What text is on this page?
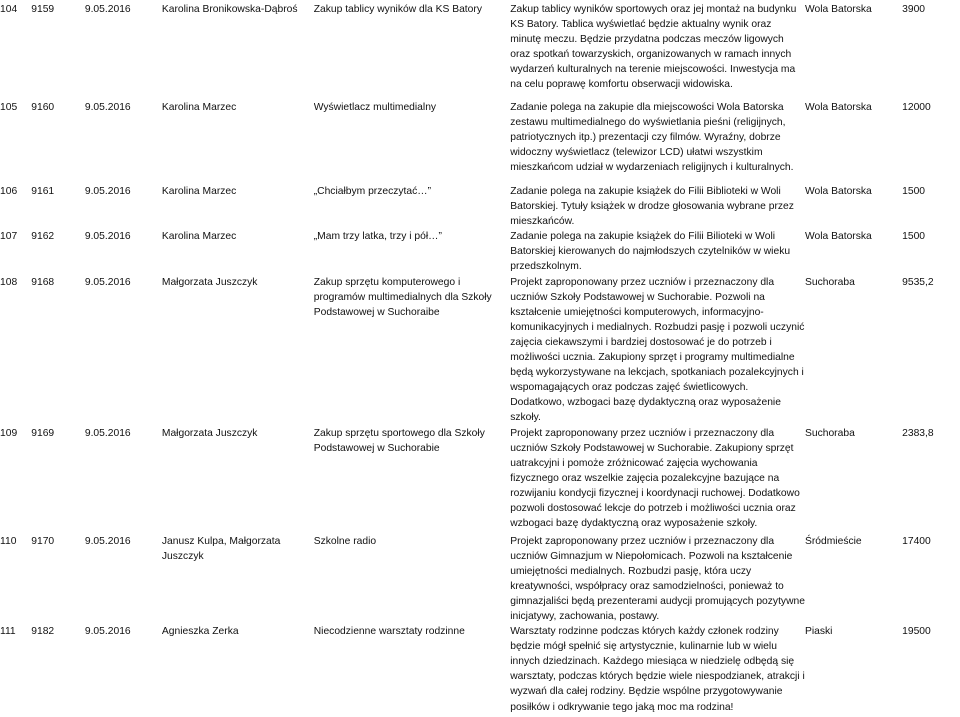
104	9159	9.05.2016	Karolina Bronikowska-Dąbroś	Zakup tablicy wyników dla KS Batory	Zakup tablicy wyników sportowych oraz jej montaż na budynku KS Batory. Tablica wyświetlać będzie aktualny wynik oraz minutę meczu. Będzie przydatna podczas meczów ligowych oraz spotkań towarzyskich, organizowanych w ramach innych wydarzeń kulturalnych na terenie miejscowości. Inwestycja ma na celu poprawę komfortu obserwacji widowiska.	Wola Batorska	3900
105	9160	9.05.2016	Karolina Marzec	Wyświetlacz multimedialny	Zadanie polega na zakupie dla miejscowości Wola Batorska zestawu multimedialnego do wyświetlania pieśni (religijnych, patriotycznych itp.) prezentacji czy filmów. Wyraźny, dobrze widoczny wyświetlacz (telewizor LCD) ułatwi wszystkim mieszkańcom udział w wydarzeniach religijnych i kulturalnych.	Wola Batorska	12000
106	9161	9.05.2016	Karolina Marzec	„Chciałbym przeczytać…”	Zadanie polega na zakupie książek do Filii Biblioteki w Woli Batorskiej. Tytuły książek w drodze głosowania wybrane przez mieszkańców.	Wola Batorska	1500
107	9162	9.05.2016	Karolina Marzec	„Mam trzy latka, trzy i pół…”	Zadanie polega na zakupie książek do Filii Bilioteki w Woli Batorskiej kierowanych do najmłodszych czytelników w wieku przedszkolnym.	Wola Batorska	1500
108	9168	9.05.2016	Małgorzata Juszczyk	Zakup sprzętu komputerowego i programów multimedialnych dla Szkoły Podstawowej w Suchoraibe	Projekt zaproponowany przez uczniów i przeznaczony dla uczniów Szkoły Podstawowej w Suchorabie. Pozwoli na kształcenie umiejętności komputerowych, informacyjno-komunikacyjnych i medialnych. Rozbudzi pasję i pozwoli uczynić zajęcia ciekawszymi i bardziej dostosować je do potrzeb i możliwości ucznia. Zakupiony sprzęt i programy multimedialne będą wykorzystywane na lekcjach, spotkaniach pozalekcyjnych i wspomagających oraz podczas zajęć świetlicowych. Dodatkowo, wzbogaci bazę dydaktyczną oraz wyposażenie szkoły.	Suchoraba	9535,2
109	9169	9.05.2016	Małgorzata Juszczyk	Zakup sprzętu sportowego dla Szkoły Podstawowej w Suchorabie	Projekt zaproponowany przez uczniów i przeznaczony dla uczniów Szkoły Podstawowej w Suchorabie. Zakupiony sprzęt uatrakcyjni i pomoże zróżnicować zajęcia wychowania fizycznego oraz wszelkie zajęcia pozalekcyjne bazujące na rozwijaniu kondycji fizycznej i koordynacji ruchowej. Dodatkowo pozwoli dostosować lekcje do potrzeb i możliwości ucznia oraz wzbogaci bazę dydaktyczną oraz wyposażenie szkoły.	Suchoraba	2383,8
110	9170	9.05.2016	Janusz Kulpa, Małgorzata Juszczyk	Szkolne radio	Projekt zaproponowany przez uczniów i przeznaczony dla uczniów Gimnazjum w Niepołomicach. Pozwoli na kształcenie umiejętności medialnych. Rozbudzi pasję, która uczy kreatywności, współpracy oraz samodzielności, ponieważ to gimnazjaliści będą prezenterami audycji promujących pozytywne inicjatywy, zachowania, postawy.	Śródmieście	17400
111	9182	9.05.2016	Agnieszka Zerka	Niecodzienne warsztaty rodzinne	Warsztaty rodzinne podczas których każdy członek rodziny będzie mógł spełnić się artystycznie, kulinarnie lub w wielu innych dziedzinach. Każdego miesiąca w niedzielę odbędą się warsztaty, podczas których będzie wiele niespodzianek, atrakcji i wyzwań dla całej rodziny. Będzie wspólne przygotowywanie posiłków i odkrywanie tego jaką moc ma rodzina!	Piaski	19500
